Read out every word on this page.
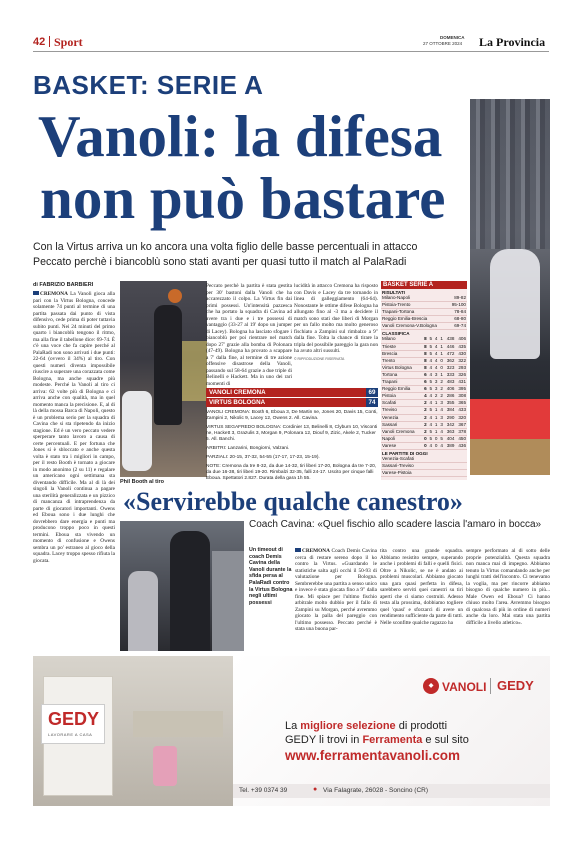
42 Sport	DOMENICA
27 OTTOBRE 2024 La Provincia
BASKET: SERIE A
Vanoli: la difesa
non può bastare
Con la Virtus arriva un ko ancora una volta figlio delle basse percentuali in attacco
Peccato perchè i biancoblù sono stati avanti per quasi tutto il match al PalaRadi
di FABRIZIO BARBIERI

CREMONA La Vanoli gioca alla pari con la Virtus Bologna, concede solamente 74 punti al termine di una partita passata dai punto di vista difensivo, cede prima di poter tuttavia subito punti. Nei 24 minuti del primo quarto i biancoblù tengono il ritmo, ma alla fine il tabellone dice: 69-74. È c'è una voce che fa capire perché al PalaRadi non sono arrivati i due punti: 22-64 (ovvero il 34%) al tiro. Con questi numeri diventa impossibile riuscire a superare una corazzata come Bologna, ma anche squadre più modeste. Perché la Vanoli al tiro ci arriva: 62 volte più di Bologna e ci arriva anche con qualità, ma in quel momento manca la precisione. E, al di là della mossa Barca di Napoli, questo è un problema serio per la squadra di Cavina che si sta ripetendo da inizio stagione. Ed è un vero peccato vedere sperperare tanto lavoro a causa di certe percentuali. E per fortuna che Jones si è sbloccato e anche questa volta è stato tra i migliori in campo, per il resto Booth è tornato a giocare in modo anonimo (2 su 11) e regalare un americano ogni settimana sta diventando difficile. Ma al di là dei singoli la Vanoli continua a pagare una sterilità generalizzata e un pizzico di mancanza di intraprendenza da parte di giocatori importanti. Owens ed Eboua sono i due lunghi che dovrebbero dare energia e punti ma producono troppo poco in questi termini. Eboua sta vivendo un momento di confusione e Owens sembra un po' estraneo al gioco della squadra. Lacey troppo spesso rifiuta la giocata.

Phil Booth al tiro

Peccato perchè la partita è stata gestita per 30' bastoni dalla Vanoli che ha accarezzato il colpo. La Virtus fin dai primi possessi. Un'intensità pazzesca che ha portato la squadra di Cavina ad avere tra i due e i tre possessi di vantaggio (33-27 al 19' dopo un jumper di Lacey). Bologna ha lasciato sfogare i biancoblù per poi rientrare nel match dopo 27' grazie alla bomba di Polonara (47-49). Bologna ha provato a scappare a 7' dalla fine, al termine di tre azione offensive disastrose della Vanoli, passando sul 58-64 grazie a due triple di Belinelli e Hackett. Ma in uno dei rari momenti di

lucidità in attacco Cremona ha risposto con Davis e Lacey da tre tornando in linea di galleggiamento (64-64). Nonostante le ottime difese Bologna ha allungato fino al -3 ma a decidere il match sono stati due liberi di Morgan per un fallo molto ma molto generoso fischiato a Zampini sul rimbalzo a 9" dalla fine. Tolta la chance di tirare la tripla del possibile pareggio la gara non ha avuto altri sussulti.

© RIPRODUZIONE RISERVATA

VANOLI CREMONA	69
VIRTUS BOLOGNA	74

VANOLI CREMONA: Booth 6, Eboua 3, De Martin ne, Jones 20, Davis 15, Conti, Zampini 2, Nikolic 9, Lacey 12, Owens 2. All. Cavina.

VIRTUS SEGAFREDO BOLOGNA: Cordinier 13, Belinelli 8, Clyburn 10, Visconti ne, Hackett 3, Grazulis 3, Morgan 9, Polonara 12, Diouf 9, Zizic, Akele 2, Tucker 5. All. Banchi.

ARBITRI: Lanzarini, Bongiorni, Valzani.

PARZIALI: 20-15, 37-32, 54-55 (17-17, 17-23, 15-19).

NOTE: Cremona da tre 8-32, da due 14-32, tiri liberi 17-20, Bologna da tre 7-20, da due 16-38, tiri liberi 19-20. Rimbalzi 32-35, falli 24-17. Uscito per cinque falli Eboua. Spettatori 2.827. Durata della gara 1h 55.

BASKET SERIE A
RISULTATI
Milano-Napoli	89-82
Pistoia-Trento	95-100
Trapani-Tortona	78-84
Reggio Emilia-Brescia	68-80
Vanoli Cremona-V.Bologna	69-74
CLASSIFICA
Milano	8	5	4	1	438	406
Trieste	8	5	4	1	446	435
Brescia	8	5	4	1	472	430
Trento	8	4	4	0	362	322
Virtus Bologna	8	4	4	0	323	293
Tortona	6	4	3	1	333	326
Trapani	6	5	3	2	483	431
Reggio Emilia	6	5	3	2	406	395
Pistoia	4	4	2	2	286	308
Scafati	2	4	1	3	355	365
Treviso	2	5	1	4	384	433
Venezia	2	4	1	3	290	320
Sassari	2	4	1	3	342	367
Vanoli Cremona	2	5	1	4	363	378
Napoli	0	5	0	5	404	450
Varese	0	4	0	4	389	436
LE PARTITE DI OGGI
Venezia-Scafati
Sassari-Treviso
Varese-Pistoia
«Servirebbe qualche canestro»
Coach Cavina: «Quel fischio allo scadere lascia l'amaro in bocca»
Un timeout di coach Demis Cavina della Vanoli durante la sfida persa al PalaRadi contro la Virtus Bologna negli ultimi possessi

CREMONA Coach Demis Cavina cerca di restare sereno dopo il ko contro la Virtus. «Guardando le statistiche salta agli occhi il 50-93 di valutazione per Bologna. Sembrerebbe una partita a senso unico e invece è stata giocata fino a 9" dalla fine. Mi spiace per l'ultimo fischio arbitrale molto dubbio per il fallo di Zampini su Morgan, perché avremmo giocato la palla del pareggio con l'ultimo possesso. Peccato perché è stata una buona par-

tita contro una grande squadra. Abbiamo resistito sempre, superando anche i problemi di falli e quelli fisici. Oltre a Nikolic, se ne è andato ai problemi muscolari. Abbiamo giocato una gara quasi perfetta in difesa, sarebbero serviti quei canestri su tiri aperti che ci siamo costruiti. Adesso testa alla prossima, dobbiamo togliere quel 'quasi' e sforzarci di avere un rendimento sufficiente da parte di tutti. Nelle sconfitte qualche ragazzo ha

sempre performato al di sotto delle proprie potenzialità. Questa squadra non manca mai di impegno. Abbiamo tenuto la Virtus comandando anche per lunghi tratti dell'incontro. Ci tenevamo la voglia, ma per rincorre abbiamo bisogno di qualche numero in più... Male Owen ed Eboua? Ci hanno chiuso molto l'area. Avremmo bisogno di qualcosa di più in ordine di numeri anche da loro. Mai stata una partita difficile a livello atletico».

GEDY
LAVORARE A CASA
◆ VANOLI GEDY
La migliore selezione di prodotti
GEDY li trovi in Ferramenta e sul sito
www.ferramentavanoli.com
Tel. +39 0374 39	● Via Falagrate, 26028 - Soncino (CR)
